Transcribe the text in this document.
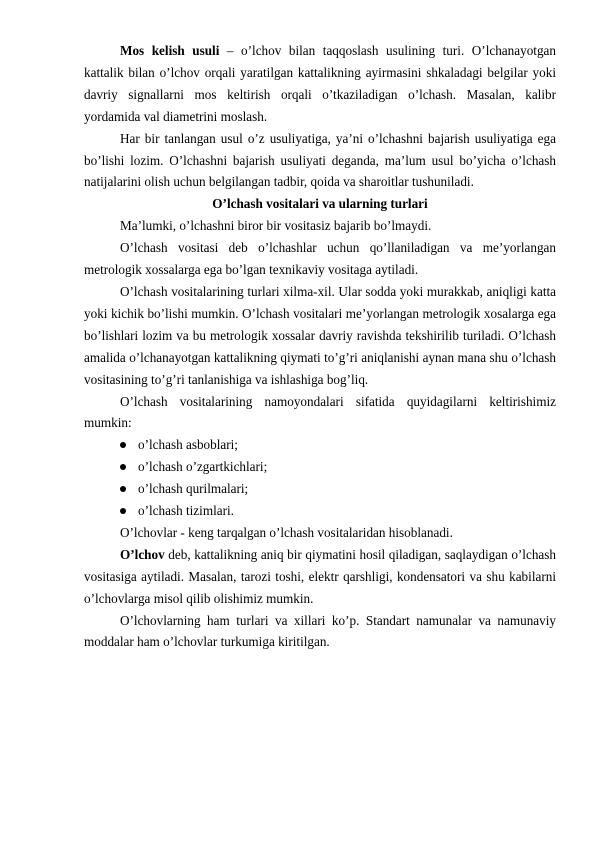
Mos kelish usuli – o’lchov bilan taqqoslash usulining turi. O’lchanayotgan kattalik bilan o’lchov orqali yaratilgan kattalikning ayirmasini shkaladagi belgilar yoki davriy signallarni mos keltirish orqali o’tkaziladigan o’lchash. Masalan, kalibr yordamida val diametrini moslash.

Har bir tanlangan usul o’z usuliyatiga, ya’ni o’lchashni bajarish usuliyatiga ega bo’lishi lozim. O’lchashni bajarish usuliyati deganda, ma’lum usul bo’yicha o’lchash natijalarini olish uchun belgilangan tadbir, qoida va sharoitlar tushuniladi.

O’lchash vositalari va ularning turlari

Ma’lumki, o’lchashni biror bir vositasiz bajarib bo’lmaydi.

O’lchash vositasi deb o’lchashlar uchun qo’llaniladigan va me’yorlangan metrologik xossalarga ega bo’lgan texnikaviy vositaga aytiladi.

O’lchash vositalarining turlari xilma-xil. Ular sodda yoki murakkab, aniqligi katta yoki kichik bo’lishi mumkin. O’lchash vositalari me’yorlangan metrologik xosalarga ega bo’lishlari lozim va bu metrologik xossalar davriy ravishda tekshirilib turiladi. O’lchash amalida o’lchanayotgan kattalikning qiymati to’g’ri aniqlanishi aynan mana shu o’lchash vositasining to’g’ri tanlanishiga va ishlashiga bog’liq.

O’lchash vositalarining namoyondalari sifatida quyidagilarni keltirishimiz mumkin:

o’lchash asboblari;
o’lchash o’zgartkichlari;
o’lchash qurilmalari;
o’lchash tizimlari.

O’lchovlar - keng tarqalgan o’lchash vositalaridan hisoblanadi.

O’lchov deb, kattalikning aniq bir qiymatini hosil qiladigan, saqlaydigan o’lchash vositasiga aytiladi. Masalan, tarozi toshi, elektr qarshligi, kondensatori va shu kabilarni o’lchovlarga misol qilib olishimiz mumkin.

O’lchovlarning ham turlari va xillari ko’p. Standart namunalar va namunaviy moddalar ham o’lchovlar turkumiga kiritilgan.
